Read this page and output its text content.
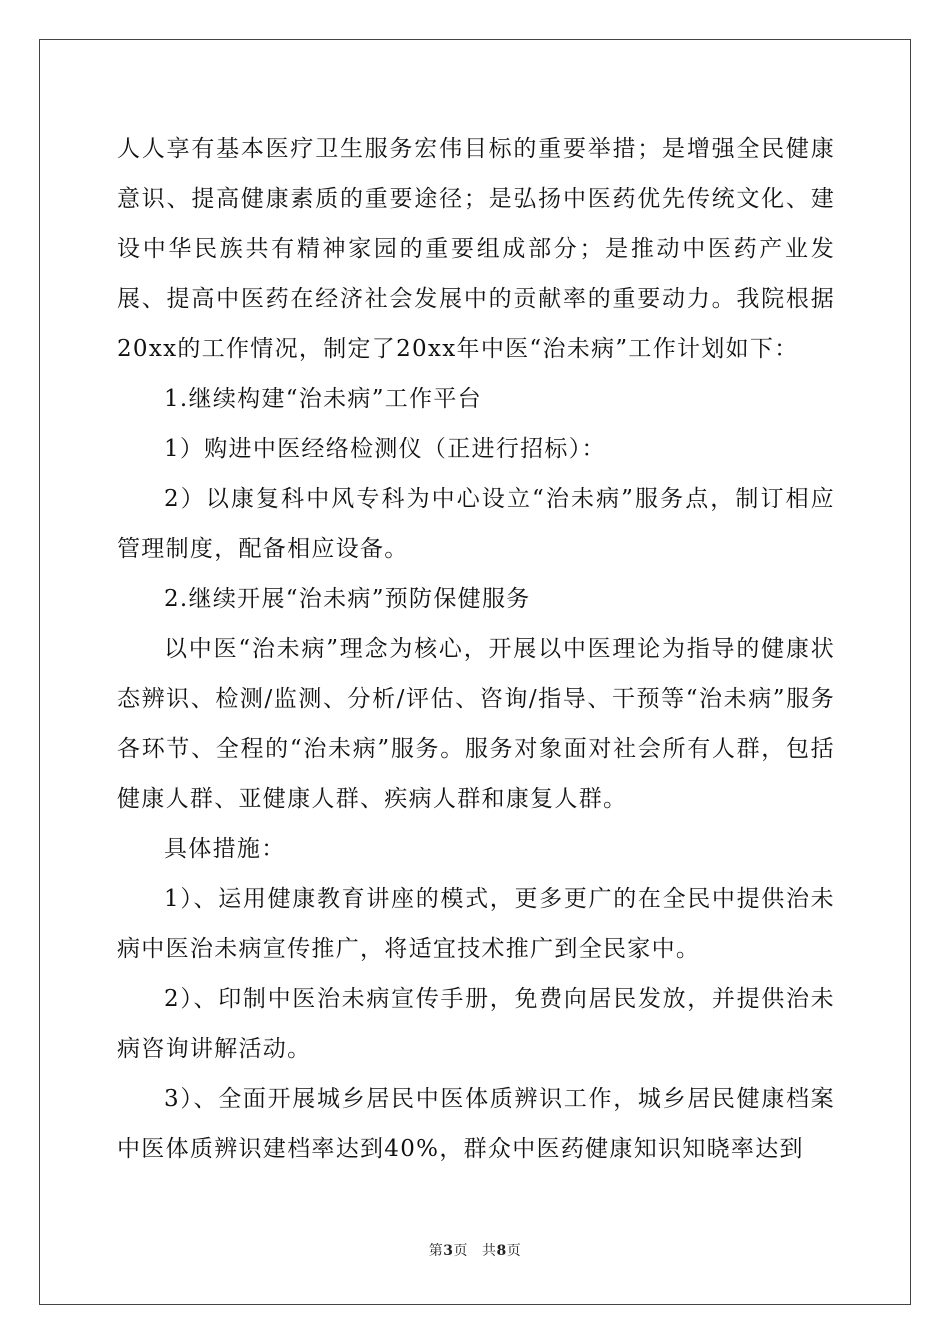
人人享有基本医疗卫生服务宏伟目标的重要举措；是增强全民健康意识、提高健康素质的重要途径；是弘扬中医药优先传统文化、建设中华民族共有精神家园的重要组成部分；是推动中医药产业发展、提高中医药在经济社会发展中的贡献率的重要动力。我院根据20xx的工作情况，制定了20xx年中医“治未病”工作计划如下：

1.继续构建“治未病”工作平台

1）购进中医经络检测仪（正进行招标）：

2）以康复科中风专科为中心设立“治未病”服务点，制订相应管理制度，配备相应设备。

2.继续开展“治未病”预防保健服务

以中医“治未病”理念为核心，开展以中医理论为指导的健康状态辨识、检测/监测、分析/评估、咨询/指导、干预等“治未病”服务各环节、全程的“治未病”服务。服务对象面对社会所有人群，包括健康人群、亚健康人群、疾病人群和康复人群。

具体措施：

1）、运用健康教育讲座的模式，更多更广的在全民中提供治未病中医治未病宣传推广，将适宜技术推广到全民家中。

2）、印制中医治未病宣传手册，免费向居民发放，并提供治未病咨询讲解活动。

3）、全面开展城乡居民中医体质辨识工作，城乡居民健康档案中医体质辨识建档率达到40%，群众中医药健康知识知晓率达到

第3页 共8页
